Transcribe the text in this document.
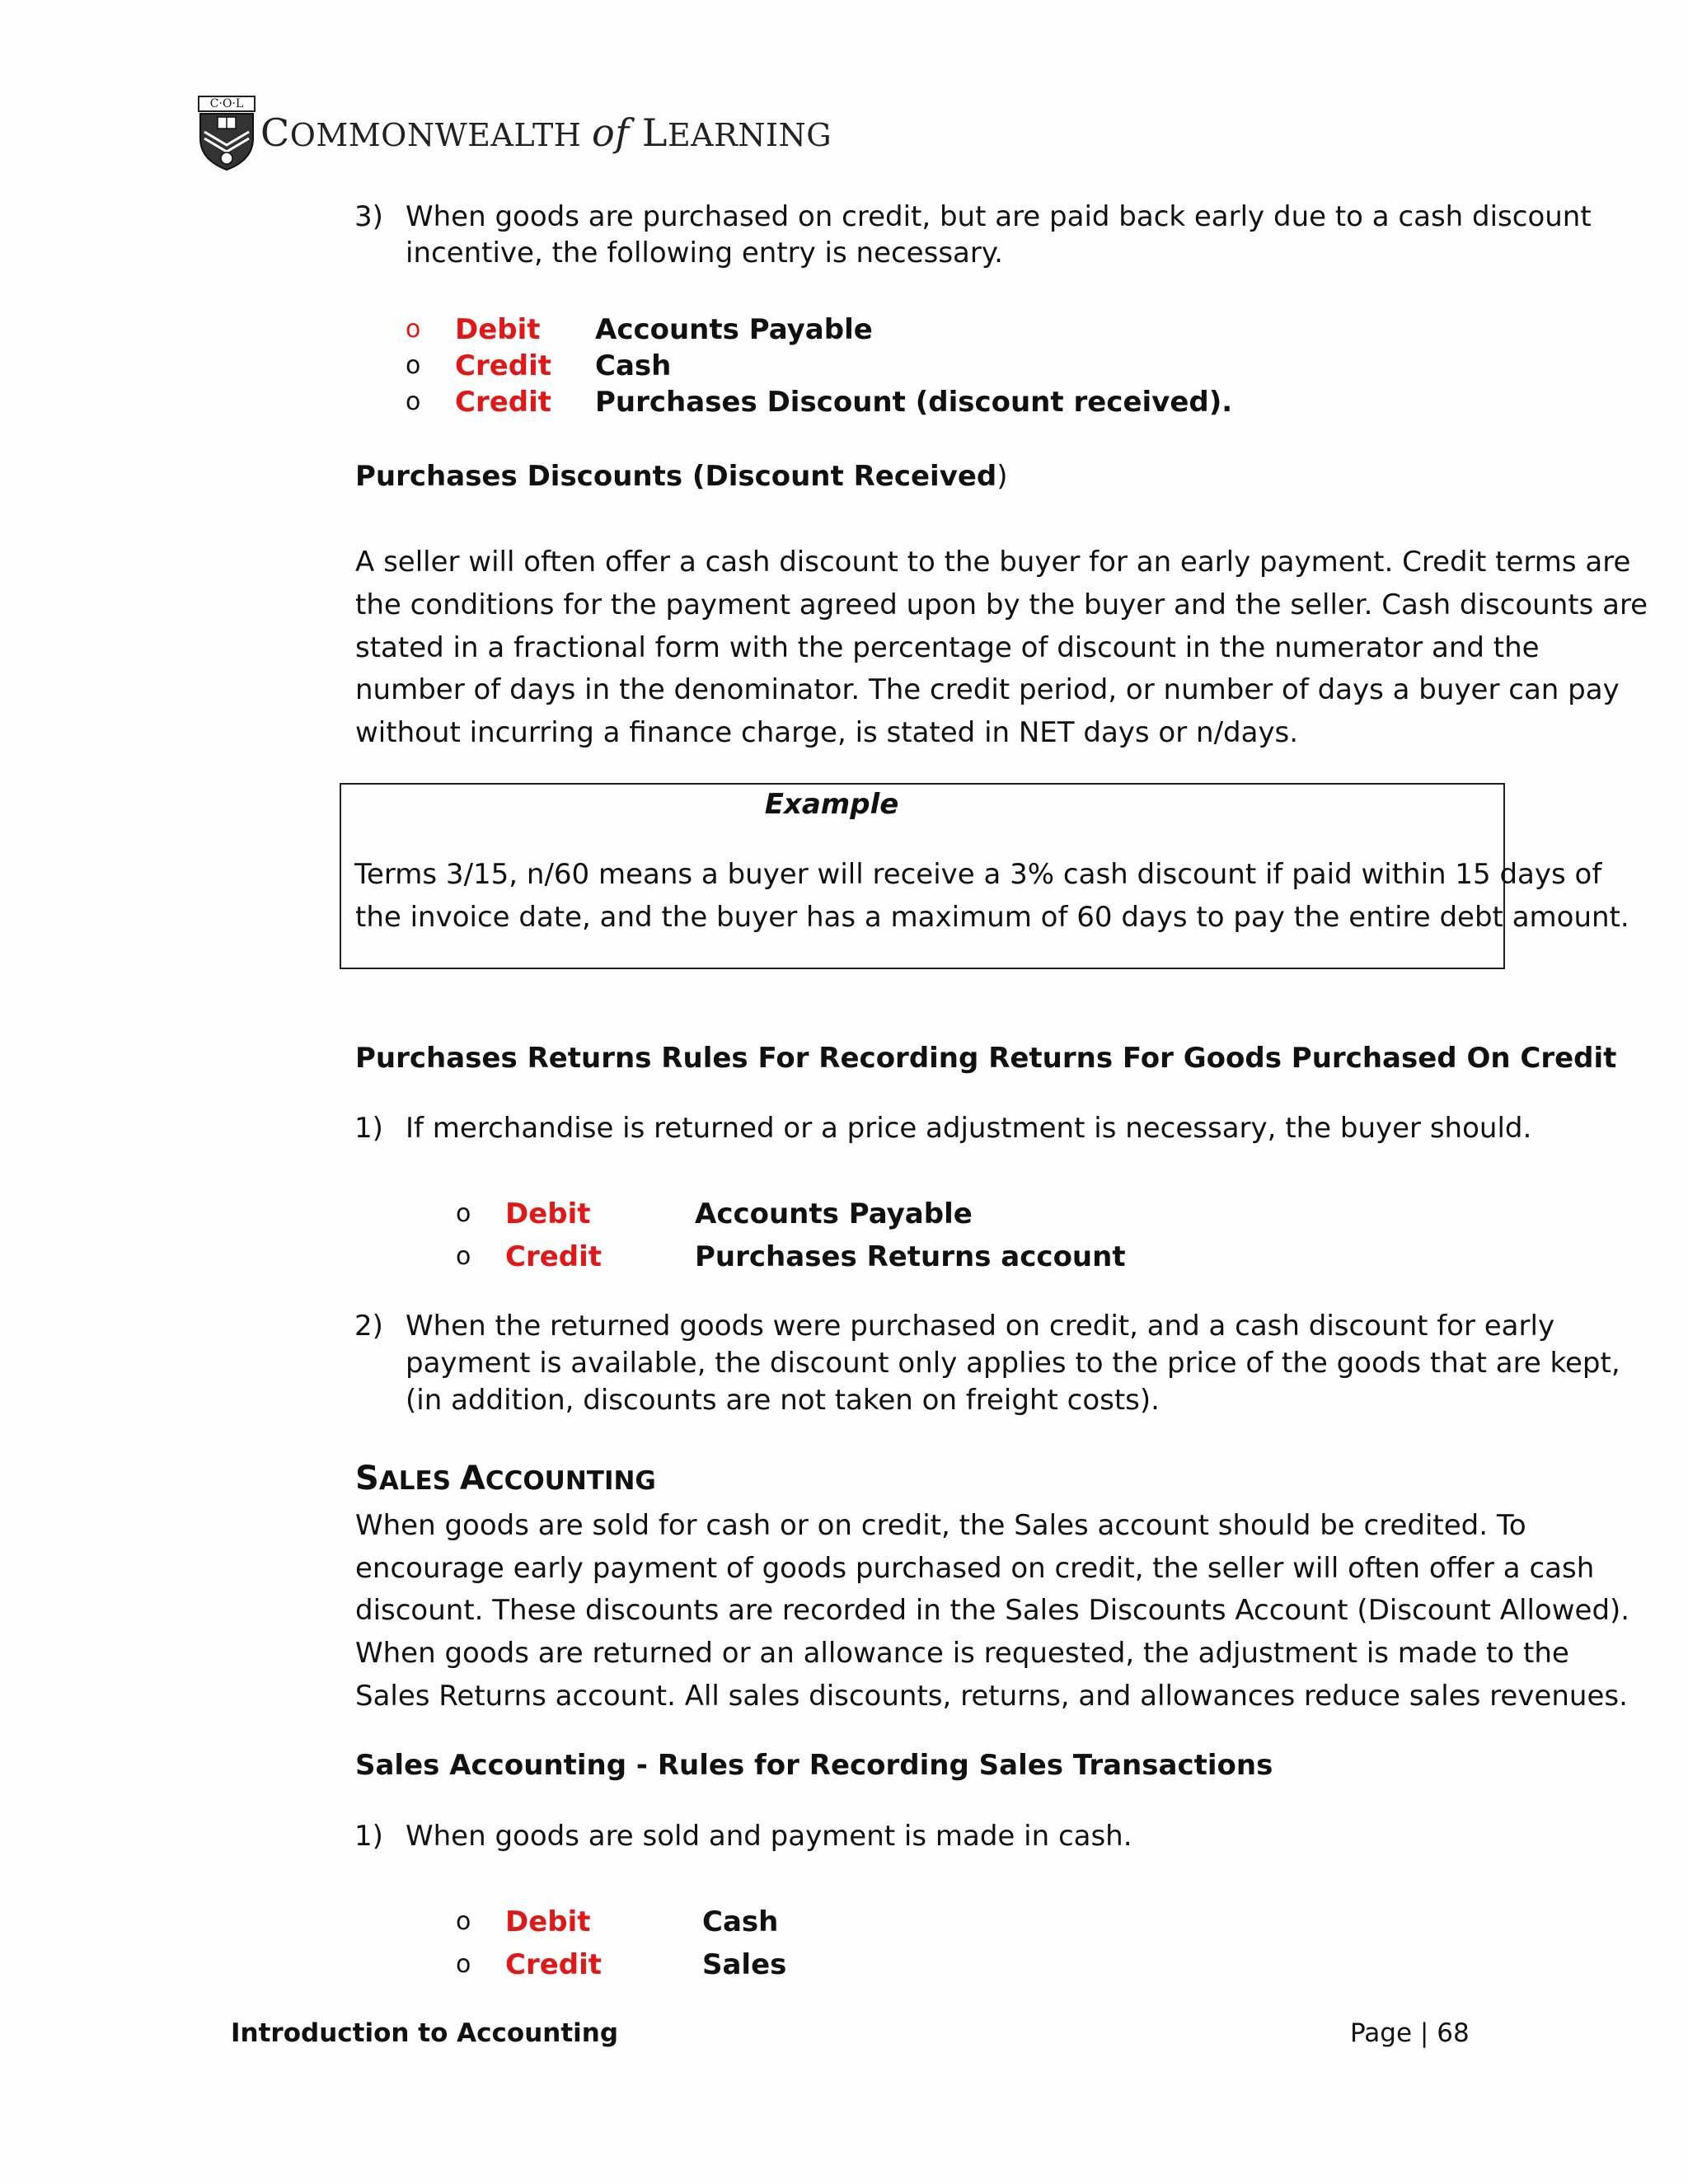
C·O·L
COMMONWEALTH of LEARNING
3) When goods are purchased on credit, but are paid back early due to a cash discount
incentive, the following entry is necessary.
o Debit Accounts Payable
o Credit Cash
o Credit Purchases Discount (discount received).
Purchases Discounts (Discount Received)
A seller will often offer a cash discount to the buyer for an early payment. Credit terms are
the conditions for the payment agreed upon by the buyer and the seller. Cash discounts are
stated in a fractional form with the percentage of discount in the numerator and the
number of days in the denominator. The credit period, or number of days a buyer can pay
without incurring a finance charge, is stated in NET days or n/days.
Example
Terms 3/15, n/60 means a buyer will receive a 3% cash discount if paid within 15 days of
the invoice date, and the buyer has a maximum of 60 days to pay the entire debt amount.
Purchases Returns Rules For Recording Returns For Goods Purchased On Credit
1) If merchandise is returned or a price adjustment is necessary, the buyer should.
o Debit	Accounts Payable
o Credit	Purchases Returns account
2) When the returned goods were purchased on credit, and a cash discount for early
payment is available, the discount only applies to the price of the goods that are kept,
(in addition, discounts are not taken on freight costs).
SALES ACCOUNTING
When goods are sold for cash or on credit, the Sales account should be credited. To
encourage early payment of goods purchased on credit, the seller will often offer a cash
discount. These discounts are recorded in the Sales Discounts Account (Discount Allowed).
When goods are returned or an allowance is requested, the adjustment is made to the
Sales Returns account. All sales discounts, returns, and allowances reduce sales revenues.
Sales Accounting - Rules for Recording Sales Transactions
1) When goods are sold and payment is made in cash.
o Debit	Cash
o Credit	Sales
Introduction to Accounting	Page | 68
